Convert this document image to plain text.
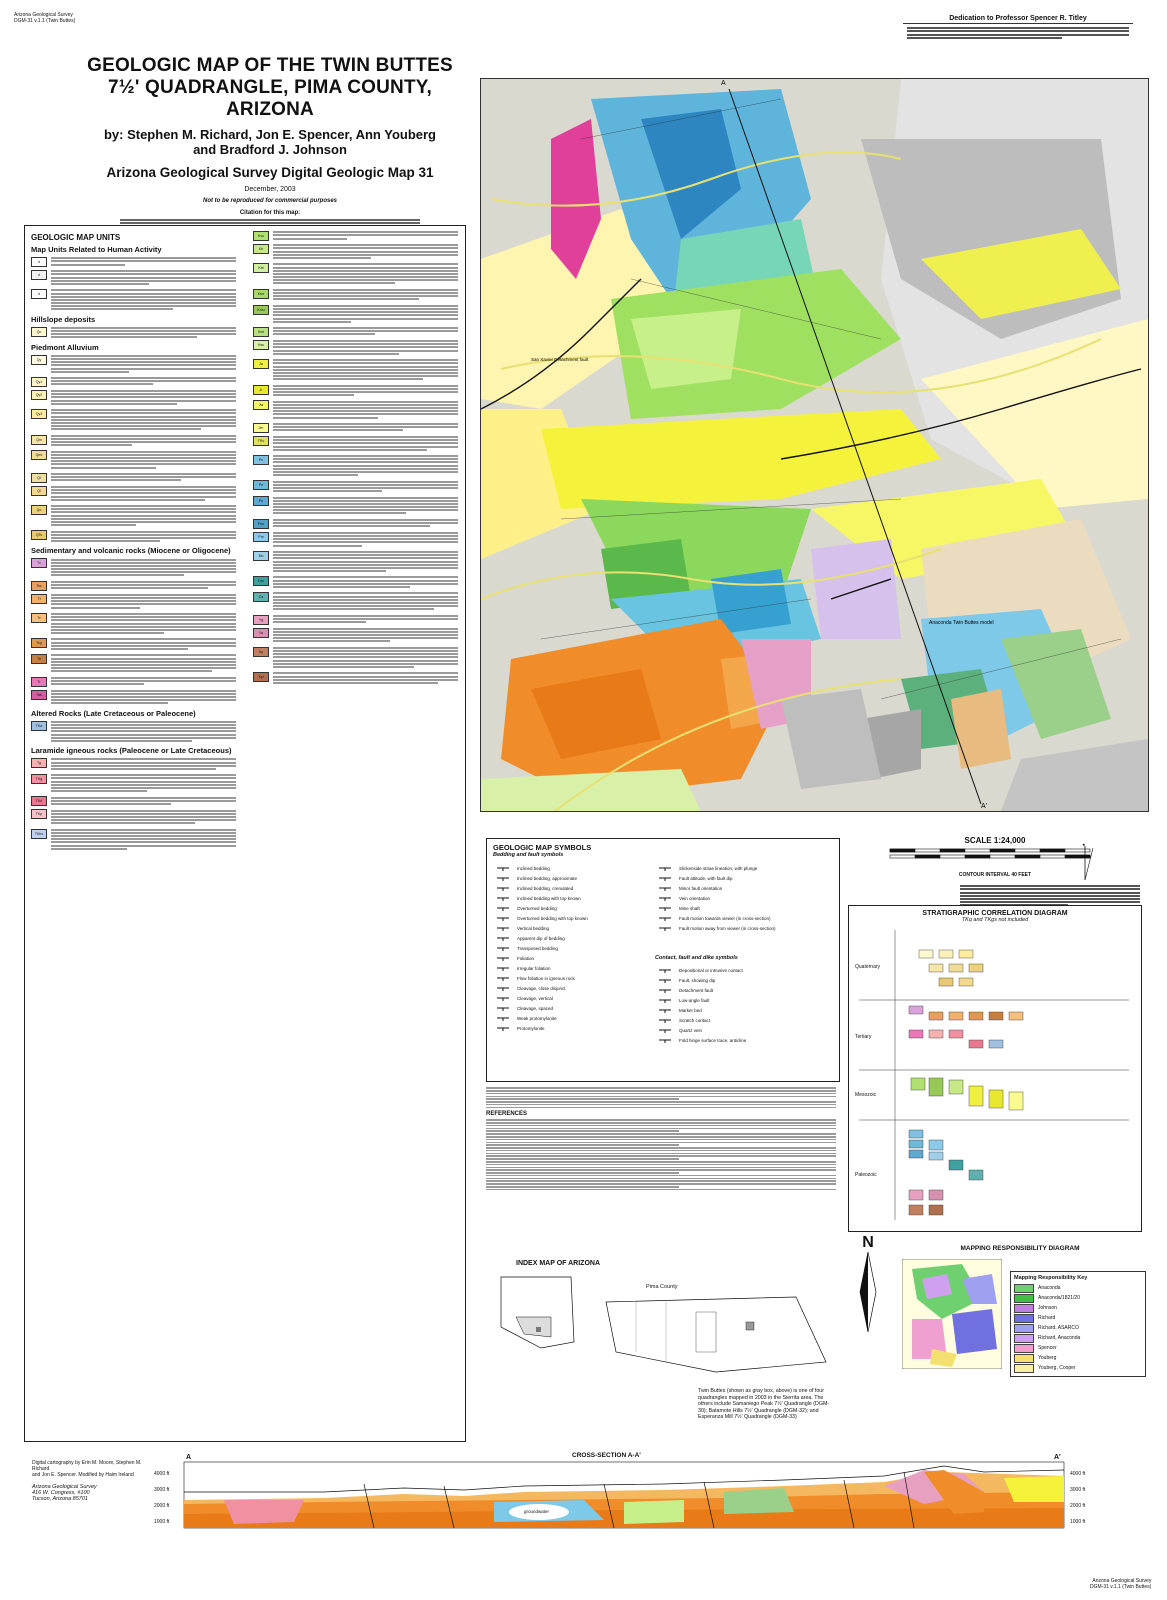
Arizona Geological Survey
DGM-31 v.1.1 (Twin Buttes)
GEOLOGIC MAP OF THE TWIN BUTTES
7½' QUADRANGLE, PIMA COUNTY, ARIZONA
by: Stephen M. Richard, Jon E. Spencer, Ann Youberg
and Bradford J. Johnson
Arizona Geological Survey Digital Geologic Map 31
December, 2003
Not to be reproduced for commercial purposes
Citation for this map:
GEOLOGIC MAP UNITS
Map Units Related to Human Activity
d
d
d
Hillslope deposits
Qc
Piedmont Alluvium
Qy
Qy1
Qy2
Qy3
Qm
Qmr
Ql
Qi
Qo
QTs
Sedimentary and volcanic rocks (Miocene or Oligocene)
Tv
Tsc
Tf
Tc
Tcg
Tb
Tr
Tak
Altered Rocks (Late Cretaceous or Paleocene)
TKa
Laramide igneous rocks (Paleocene or Late Cretaceous)
Tg
TKg
TKd
TKp
TKbx
Kvu
Kb
Kbt
Kmr
Kmu
Kml
Kss
Ja
Jr
Jw
Jm
TRv
Pc
Pe
Ps
Pcs
Pm
Mu
Dm
Ca
Yg
Ya
Xp
Xpi
A
A'
Anaconda Twin Buttes model
San Xavier Detachment fault
Dedication to Professor Spencer R. Titley
SCALE 1:24,000
CONTOUR INTERVAL 40 FEET
★
GEOLOGIC MAP SYMBOLS
Bedding and fault symbols
Inclined bedding
Inclined bedding, approximate
Inclined bedding, crenulated
Inclined bedding with top known
Overturned bedding
Overturned bedding with top known
Vertical bedding
Apparent dip of bedding
Transposed bedding
Foliation
Irregular foliation
Flow foliation in igneous rock
Cleavage, close disjunct
Cleavage, vertical
Cleavage, spaced
Weak protomylonite
Protomylonite
Slickenside striae lineation, with plunge
Fault attitude, with fault dip
Minor fault orientation
Vein orientation
Mine shaft
Fault motion towards viewer (in cross-section)
Fault motion away from viewer (in cross-section)
Contact, fault and dike symbols
Depositional or intrusive contact
Fault, showing dip
Detachment fault
Low-angle fault
Marker bed
Scratch contact
Quartz vein
Fold hinge surface trace, anticline
STRATIGRAPHIC CORRELATION DIAGRAM
TKq and TKgs not included
Quaternary
Tertiary
Mesozoic
Paleozoic
REFERENCES
INDEX MAP OF ARIZONA
Pima County
Twin Buttes (shown as gray box, above) is one of four quadrangles mapped in 2003 in the Sierrita area. The others include Samaniego Peak 7½' Quadrangle (DGM-30); Batamote Hills 7½' Quadrangle (DGM-32); and Esperanza Mill 7½' Quadrangle (DGM-33)
N	MAPPING RESPONSIBILITY DIAGRAM
Mapping Responsibility Key
Anaconda
Anaconda/1821/20
Johnson
Richard
Richard, ASARCO
Richard, Anaconda
Spencer
Youberg
Youberg, Cooper
CROSS-SECTION A-A'
4000 ft
3000 ft
2000 ft
1000 ft
4000 ft
3000 ft
2000 ft
1000 ft
A	A'
groundwater
Digital cartography by Erin M. Moore, Stephen M. Richard
and Jon E. Spencer. Modified by Haim Ireland
Arizona Geological Survey
416 W. Congress, #100
Tucson, Arizona 85701
Arizona Geological Survey
DGM-31 v.1.1 (Twin Buttes)
